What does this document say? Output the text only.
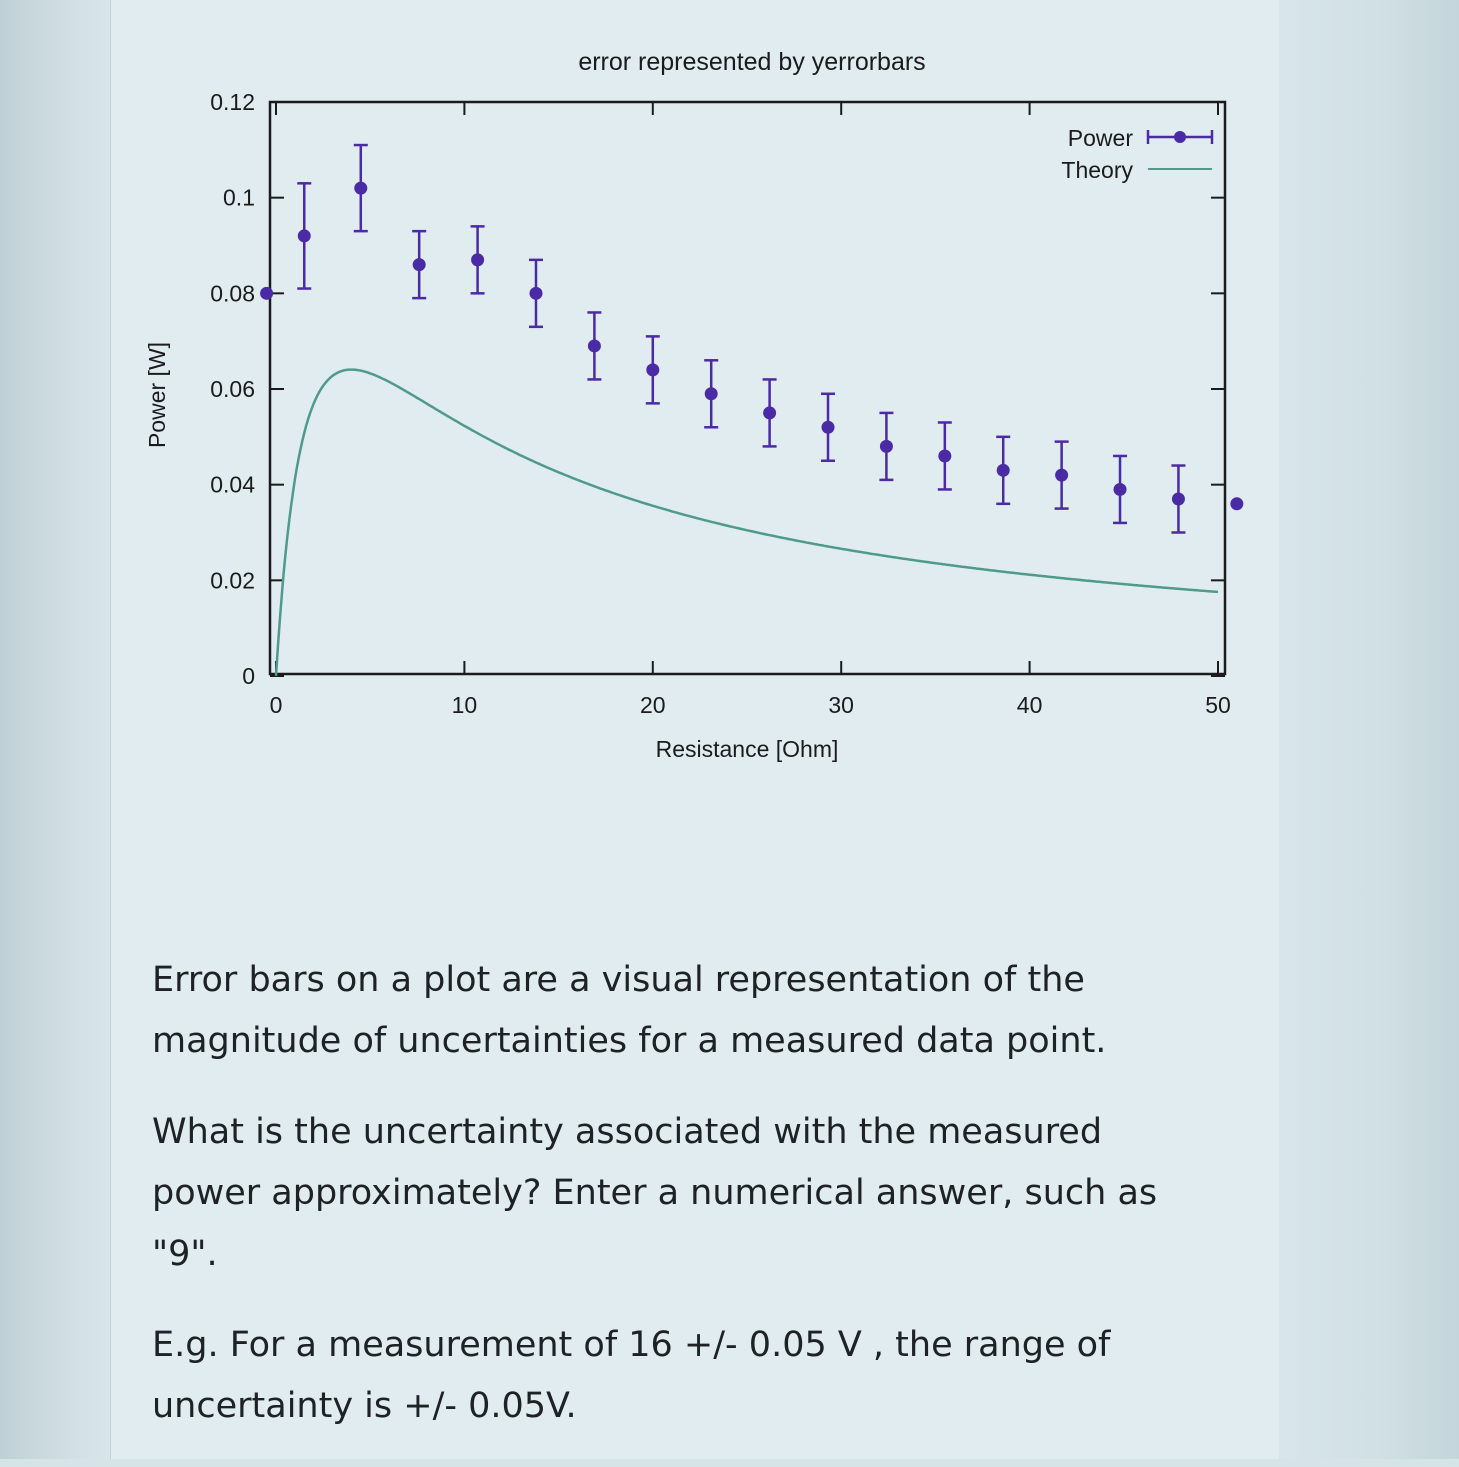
error represented by yerrorbars
0
0.02
0.04
0.06
0.08
0.1
0.12
0	10	20	30	40	50
Power [W]
Resistance [Ohm]
Power
Theory

Error bars on a plot are a visual representation of the
magnitude of uncertainties for a measured data point.

What is the uncertainty associated with the measured
power approximately? Enter a numerical answer, such as
"9".

E.g. For a measurement of 16 +/- 0.05 V , the range of
uncertainty is +/- 0.05V.
